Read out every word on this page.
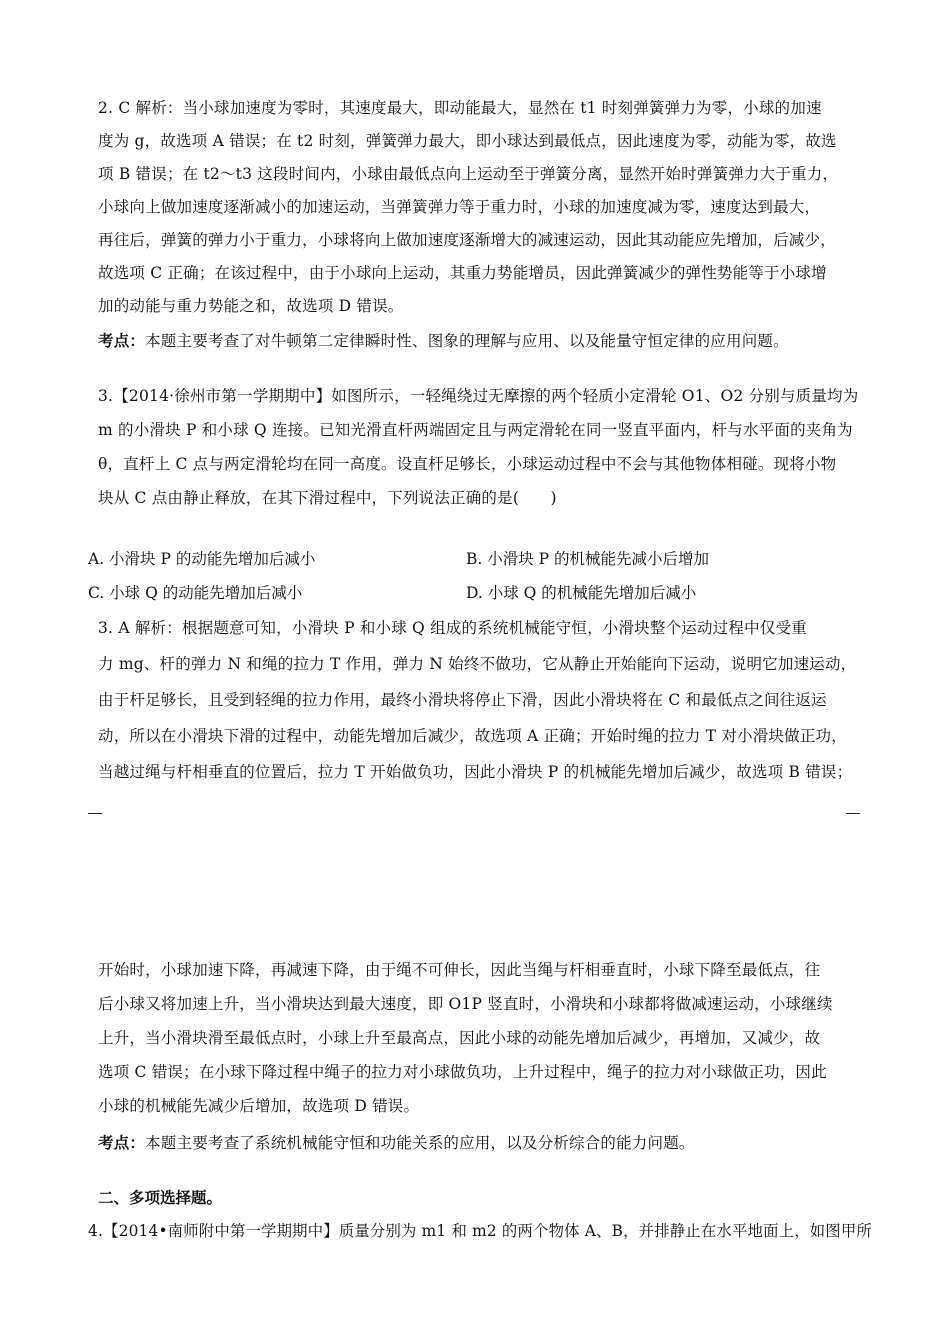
2. C 解析：当小球加速度为零时，其速度最大，即动能最大，显然在 t1 时刻弹簧弹力为零，小球的加速
度为 g，故选项 A 错误；在 t2 时刻，弹簧弹力最大，即小球达到最低点，因此速度为零，动能为零，故选
项 B 错误；在 t2～t3 这段时间内，小球由最低点向上运动至于弹簧分离，显然开始时弹簧弹力大于重力，
小球向上做加速度逐渐减小的加速运动，当弹簧弹力等于重力时，小球的加速度减为零，速度达到最大，
再往后，弹簧的弹力小于重力，小球将向上做加速度逐渐增大的减速运动，因此其动能应先增加，后减少，
故选项 C 正确；在该过程中，由于小球向上运动，其重力势能增员，因此弹簧减少的弹性势能等于小球增
加的动能与重力势能之和，故选项 D 错误。
考点：本题主要考查了对牛顿第二定律瞬时性、图象的理解与应用、以及能量守恒定律的应用问题。
3.【2014·徐州市第一学期期中】如图所示，一轻绳绕过无摩擦的两个轻质小定滑轮 O1、O2 分别与质量均为
m 的小滑块 P 和小球 Q 连接。已知光滑直杆两端固定且与两定滑轮在同一竖直平面内，杆与水平面的夹角为
θ，直杆上 C 点与两定滑轮均在同一高度。设直杆足够长，小球运动过程中不会与其他物体相碰。现将小物
块从 C 点由静止释放，在其下滑过程中，下列说法正确的是(　　)
A. 小滑块 P 的动能先增加后减小	B. 小滑块 P 的机械能先减小后增加
C. 小球 Q 的动能先增加后减小	D. 小球 Q 的机械能先增加后减小
3. A 解析：根据题意可知，小滑块 P 和小球 Q 组成的系统机械能守恒，小滑块整个运动过程中仅受重
力 mg、杆的弹力 N 和绳的拉力 T 作用，弹力 N 始终不做功，它从静止开始能向下运动，说明它加速运动，
由于杆足够长，且受到轻绳的拉力作用，最终小滑块将停止下滑，因此小滑块将在 C 和最低点之间往返运
动，所以在小滑块下滑的过程中，动能先增加后减少，故选项 A 正确；开始时绳的拉力 T 对小滑块做正功，
当越过绳与杆相垂直的位置后，拉力 T 开始做负功，因此小滑块 P 的机械能先增加后减少，故选项 B 错误；
开始时，小球加速下降，再减速下降，由于绳不可伸长，因此当绳与杆相垂直时，小球下降至最低点，往
后小球又将加速上升，当小滑块达到最大速度，即 O1P 竖直时，小滑块和小球都将做减速运动，小球继续
上升，当小滑块滑至最低点时，小球上升至最高点，因此小球的动能先增加后减少，再增加，又减少，故
选项 C 错误；在小球下降过程中绳子的拉力对小球做负功，上升过程中，绳子的拉力对小球做正功，因此
小球的机械能先减少后增加，故选项 D 错误。
考点：本题主要考查了系统机械能守恒和功能关系的应用，以及分析综合的能力问题。
二、多项选择题。
4.【2014•南师附中第一学期期中】质量分别为 m1 和 m2 的两个物体 A、B，并排静止在水平地面上，如图甲所
